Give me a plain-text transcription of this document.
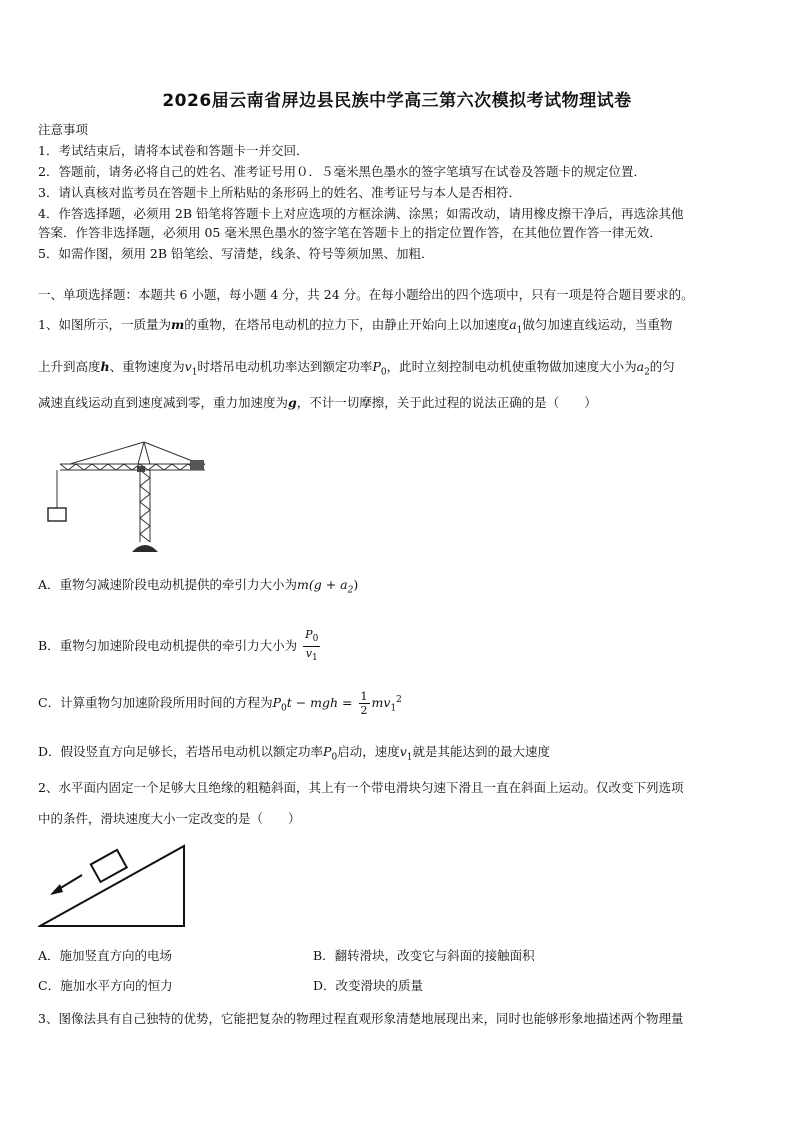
2026届云南省屏边县民族中学高三第六次模拟考试物理试卷
注意事项
1．考试结束后，请将本试卷和答题卡一并交回．
2．答题前，请务必将自己的姓名、准考证号用０．５毫米黑色墨水的签字笔填写在试卷及答题卡的规定位置．
3．请认真核对监考员在答题卡上所粘贴的条形码上的姓名、准考证号与本人是否相符．
4．作答选择题，必须用 2B 铅笔将答题卡上对应选项的方框涂满、涂黑；如需改动，请用橡皮擦干净后，再选涂其他
答案．作答非选择题，必须用 05 毫米黑色墨水的签字笔在答题卡上的指定位置作答，在其他位置作答一律无效．
5．如需作图，须用 2B 铅笔绘、写清楚，线条、符号等须加黑、加粗．
一、单项选择题：本题共 6 小题，每小题 4 分，共 24 分。在每小题给出的四个选项中，只有一项是符合题目要求的。
1、如图所示，一质量为m的重物，在塔吊电动机的拉力下，由静止开始向上以加速度$a_1$做匀加速直线运动，当重物
上升到高度h、重物速度为$v_1$时塔吊电动机功率达到额定功率$P_0$，此时立刻控制电动机使重物做加速度大小为$a_2$的匀
减速直线运动直到速度减到零，重力加速度为g，不计一切摩擦，关于此过程的说法正确的是（　　）
A．重物匀减速阶段电动机提供的牵引力大小为$m(g + a_2)$
B．重物匀加速阶段电动机提供的牵引力大小为 $\frac{P_0}{v_1}$
C．计算重物匀加速阶段所用时间的方程为$P_0t$ − mgh = $\frac{1}{2} mv_1^2$
D．假设竖直方向足够长，若塔吊电动机以额定功率$P_0$启动，速度$v_1$就是其能达到的最大速度
2、水平面内固定一个足够大且绝缘的粗糙斜面，其上有一个带电滑块匀速下滑且一直在斜面上运动。仅改变下列选项
中的条件，滑块速度大小一定改变的是（　　）
A．施加竖直方向的电场	B．翻转滑块，改变它与斜面的接触面积
C．施加水平方向的恒力	D．改变滑块的质量
3、图像法具有自己独特的优势，它能把复杂的物理过程直观形象清楚地展现出来，同时也能够形象地描述两个物理量
